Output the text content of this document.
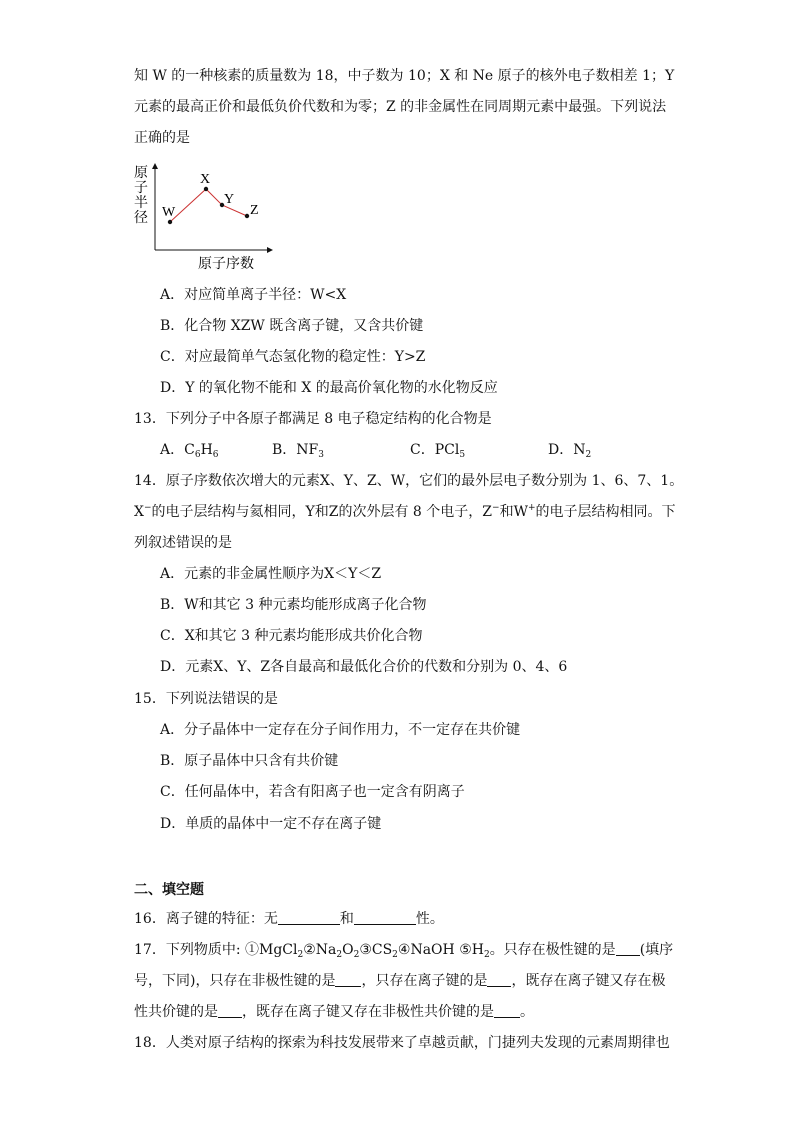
知 W 的一种核素的质量数为 18，中子数为 10；X 和 Ne 原子的核外电子数相差 1；Y
元素的最高正价和最低负价代数和为零；Z 的非金属性在同周期元素中最强。下列说法
正确的是
W
X
Y
Z
原
子
半
径
原子序数
A．对应简单离子半径：W<X
B．化合物 XZW 既含离子键，又含共价键
C．对应最简单气态氢化物的稳定性：Y>Z
D．Y 的氧化物不能和 X 的最高价氧化物的水化物反应
13．下列分子中各原子都满足 8 电子稳定结构的化合物是
A．$C_6H_6$	B．$NF_3$	C．PCl$_5$	D．$N_2$
14．原子序数依次增大的元素X、Y、Z、W，它们的最外层电子数分别为 1、6、7、1。
X−的电子层结构与氦相同，Y和Z的次外层有 8 个电子，Z−和W+的电子层结构相同。下
列叙述错误的是
A．元素的非金属性顺序为X＜Y＜Z
B．W和其它 3 种元素均能形成离子化合物
C．X和其它 3 种元素均能形成共价化合物
D．元素X、Y、Z各自最高和最低化合价的代数和分别为 0、4、6
15．下列说法错误的是
A．分子晶体中一定存在分子间作用力，不一定存在共价键
B．原子晶体中只含有共价键
C．任何晶体中，若含有阳离子也一定含有阴离子
D．单质的晶体中一定不存在离子键
二、填空题
16．离子键的特征：无	和	性。
17．下列物质中: $①MgCl_2②Na_2O_2③CS_2④NaOH$ $⑤H_2$。只存在极性键的是 (填序
号，下同)，只存在非极性键的是 ，只存在离子键的是 ，既存在离子键又存在极
性共价键的是 ，既存在离子键又存在非极性共价键的是 。
18．人类对原子结构的探索为科技发展带来了卓越贡献，门捷列夫发现的元素周期律也
